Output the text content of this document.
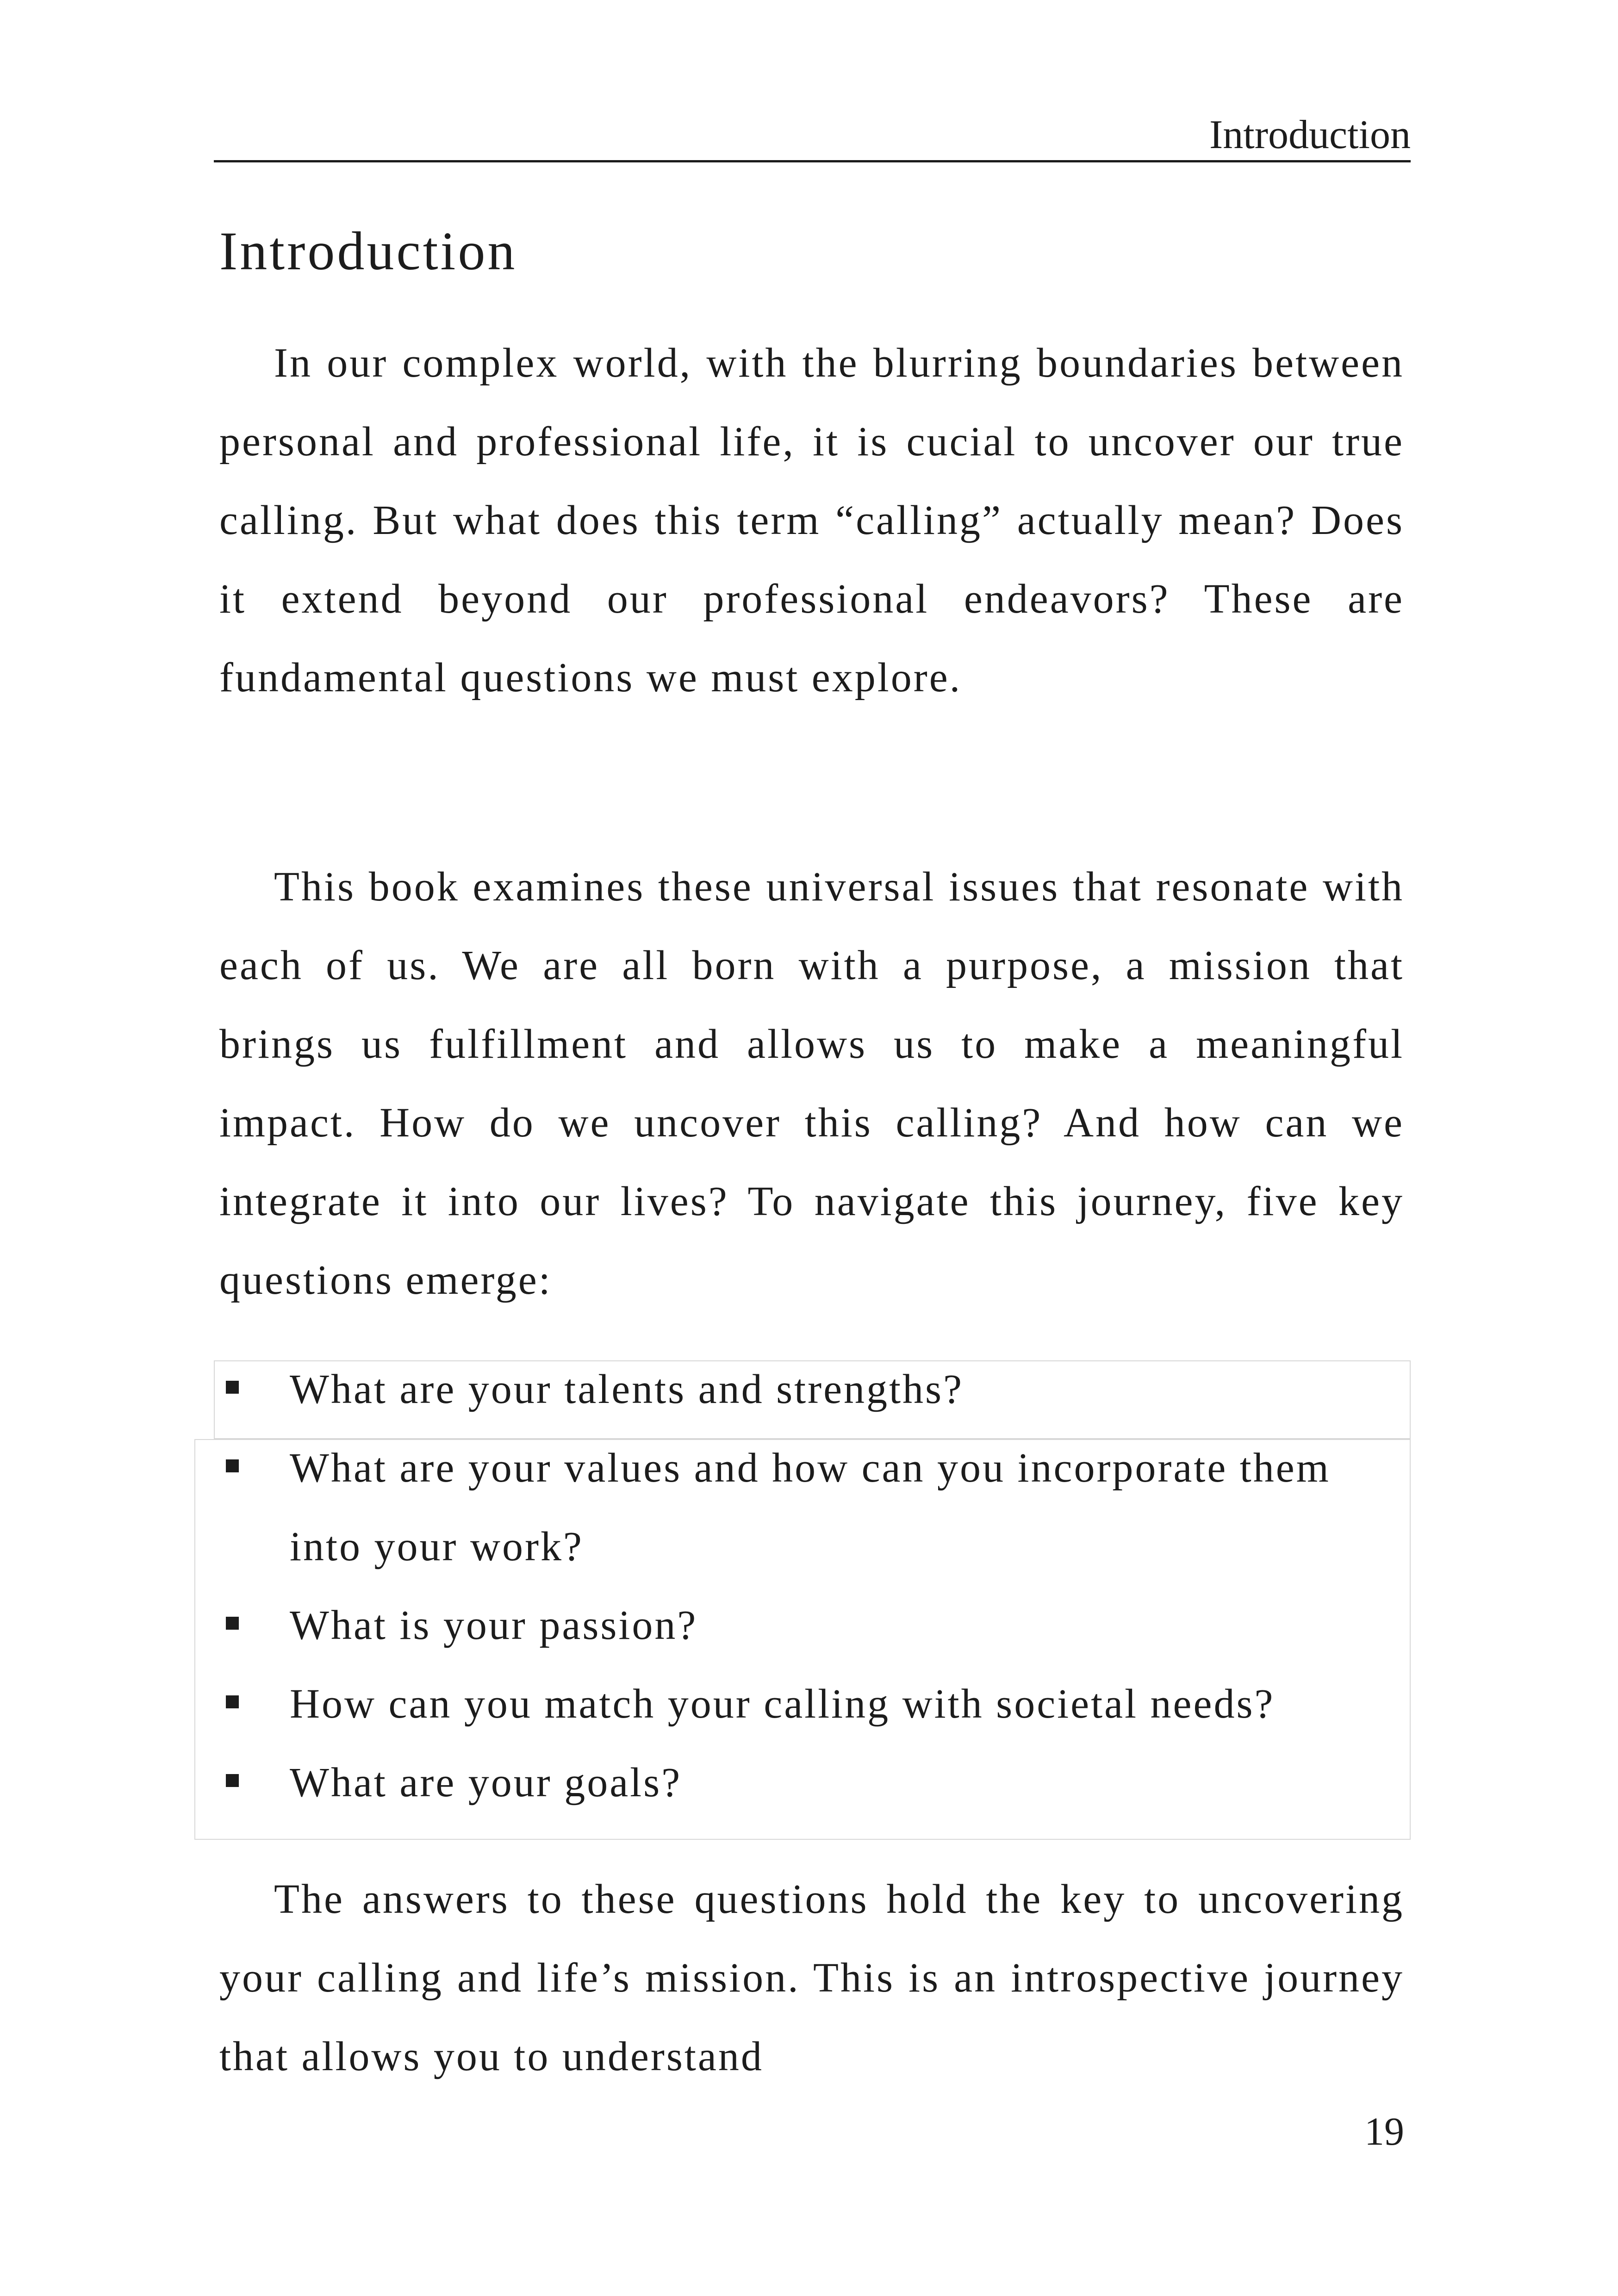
Introduction
Introduction

In our complex world, with the blurring boundaries between personal and professional life, it is cucial to uncover our true calling. But what does this term “calling” actually mean? Does it extend beyond our professional endeavors? These are fundamental questions we must explore.

This book examines these universal issues that resonate with each of us. We are all born with a purpose, a mission that brings us fulfillment and allows us to make a meaningful impact. How do we uncover this calling? And how can we integrate it into our lives? To navigate this journey, five key questions emerge:

What are your talents and strengths?
What are your values and how can you incorporate them into your work?
What is your passion?
How can you match your calling with societal needs?
What are your goals?

The answers to these questions hold the key to uncovering your calling and life’s mission. This is an introspective journey that allows you to understand

19
